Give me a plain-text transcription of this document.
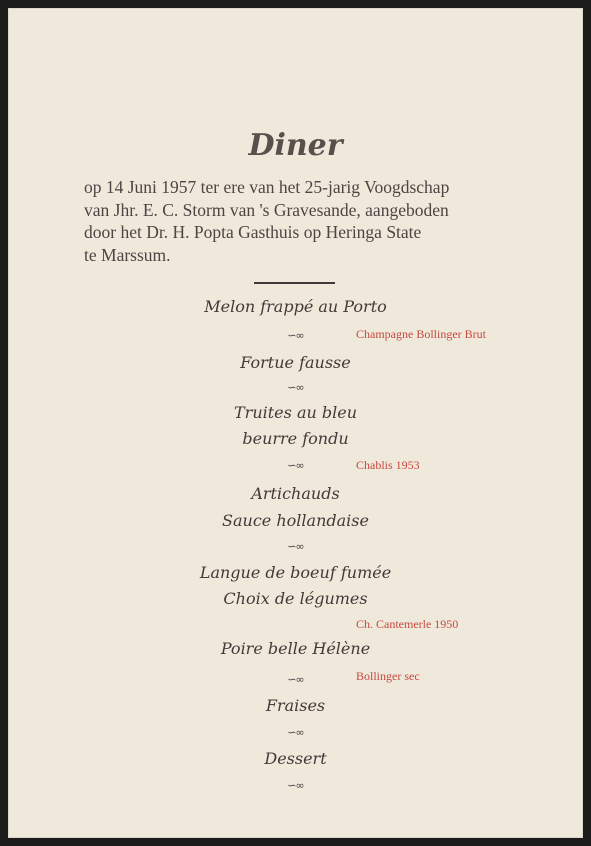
Diner
op 14 Juni 1957 ter ere van het 25-jarig Voogdschap
van Jhr. E. C. Storm van 's Gravesande, aangeboden
door het Dr. H. Popta Gasthuis op Heringa State
te Marssum.
Melon frappé au Porto
∽∞	Champagne Bollinger Brut
Fortue fausse
∽∞
Truites au bleu
beurre fondu
∽∞	Chablis 1953
Artichauds
Sauce hollandaise
∽∞
Langue de boeuf fumée
Choix de légumes
Ch. Cantemerle 1950
Poire belle Hélène
∽∞	Bollinger sec
Fraises
∽∞
Dessert
∽∞
